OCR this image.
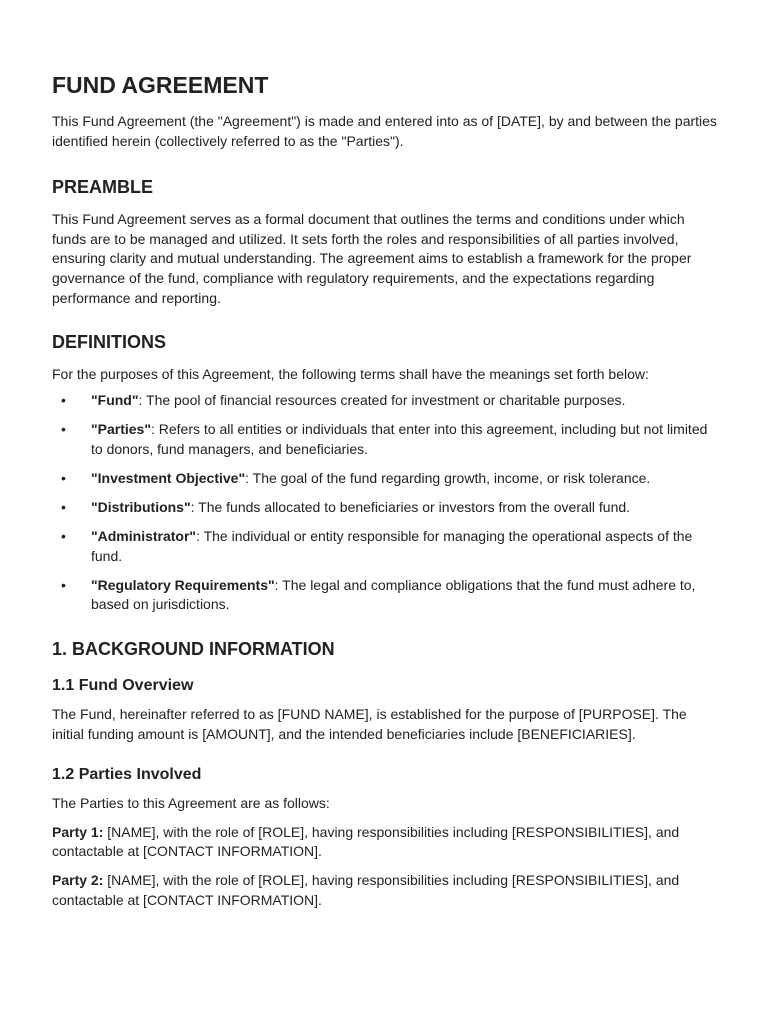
FUND AGREEMENT

This Fund Agreement (the "Agreement") is made and entered into as of [DATE], by and between the parties identified herein (collectively referred to as the "Parties").

PREAMBLE

This Fund Agreement serves as a formal document that outlines the terms and conditions under which funds are to be managed and utilized. It sets forth the roles and responsibilities of all parties involved, ensuring clarity and mutual understanding. The agreement aims to establish a framework for the proper governance of the fund, compliance with regulatory requirements, and the expectations regarding performance and reporting.

DEFINITIONS

For the purposes of this Agreement, the following terms shall have the meanings set forth below:

• "Fund": The pool of financial resources created for investment or charitable purposes.
• "Parties": Refers to all entities or individuals that enter into this agreement, including but not limited to donors, fund managers, and beneficiaries.
• "Investment Objective": The goal of the fund regarding growth, income, or risk tolerance.
• "Distributions": The funds allocated to beneficiaries or investors from the overall fund.
• "Administrator": The individual or entity responsible for managing the operational aspects of the fund.
• "Regulatory Requirements": The legal and compliance obligations that the fund must adhere to, based on jurisdictions.
1. BACKGROUND INFORMATION
1.1 Fund Overview

The Fund, hereinafter referred to as [FUND NAME], is established for the purpose of [PURPOSE]. The initial funding amount is [AMOUNT], and the intended beneficiaries include [BENEFICIARIES].

1.2 Parties Involved

The Parties to this Agreement are as follows:

Party 1: [NAME], with the role of [ROLE], having responsibilities including [RESPONSIBILITIES], and contactable at [CONTACT INFORMATION].

Party 2: [NAME], with the role of [ROLE], having responsibilities including [RESPONSIBILITIES], and contactable at [CONTACT INFORMATION].
